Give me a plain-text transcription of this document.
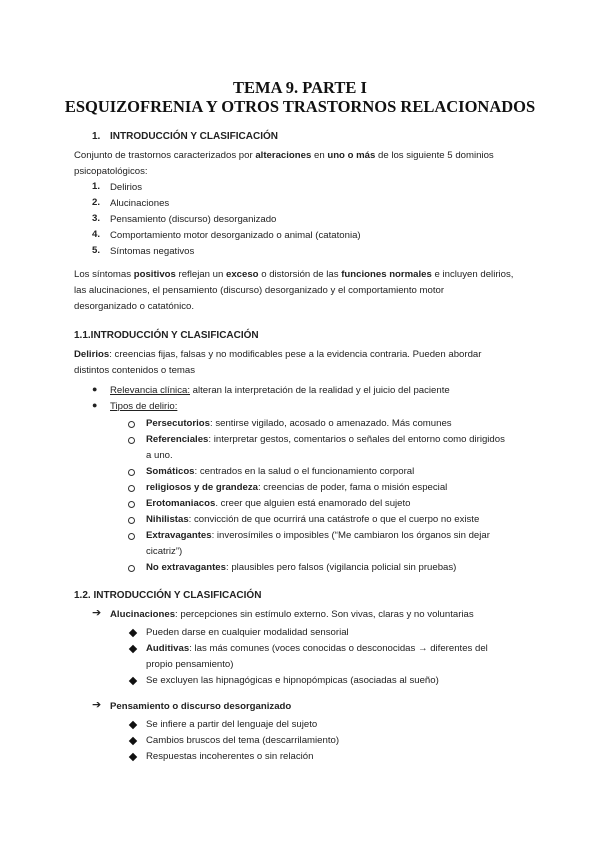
TEMA 9. PARTE I
ESQUIZOFRENIA Y OTROS TRASTORNOS RELACIONADOS
1. INTRODUCCIÓN Y CLASIFICACIÓN
Conjunto de trastornos caracterizados por alteraciones en uno o más de los siguiente 5 dominios
psicopatológicos:
1.	Delirios
2.	Alucinaciones
3.	Pensamiento (discurso) desorganizado
4.	Comportamiento motor desorganizado o animal (catatonia)
5.	Síntomas negativos
Los síntomas positivos reflejan un exceso o distorsión de las funciones normales e incluyen delirios,
las alucinaciones, el pensamiento (discurso) desorganizado y el comportamiento motor
desorganizado o catatónico.
1.1.INTRODUCCIÓN Y CLASIFICACIÓN
Delirios: creencias fijas, falsas y no modificables pese a la evidencia contraria. Pueden abordar
distintos contenidos o temas
● Relevancia clínica: alteran la interpretación de la realidad y el juicio del paciente
● Tipos de delirio:
Persecutorios: sentirse vigilado, acosado o amenazado. Más comunes
Referenciales: interpretar gestos, comentarios o señales del entorno como dirigidos
a uno.
Somáticos: centrados en la salud o el funcionamiento corporal
religiosos y de grandeza: creencias de poder, fama o misión especial
Erotomaniacos. creer que alguien está enamorado del sujeto
Nihilistas: convicción de que ocurrirá una catástrofe o que el cuerpo no existe
Extravagantes: inverosímiles o imposibles (“Me cambiaron los órganos sin dejar
cicatriz”)
No extravagantes: plausibles pero falsos (vigilancia policial sin pruebas)
1.2. INTRODUCCIÓN Y CLASIFICACIÓN
➔ Alucinaciones: percepciones sin estímulo externo. Son vivas, claras y no voluntarias
Pueden darse en cualquier modalidad sensorial
Auditivas: las más comunes (voces conocidas o desconocidas → diferentes del
propio pensamiento)
Se excluyen las hipnagógicas e hipnopómpicas (asociadas al sueño)
➔ Pensamiento o discurso desorganizado
Se infiere a partir del lenguaje del sujeto
Cambios bruscos del tema (descarrilamiento)
Respuestas incoherentes o sin relación
